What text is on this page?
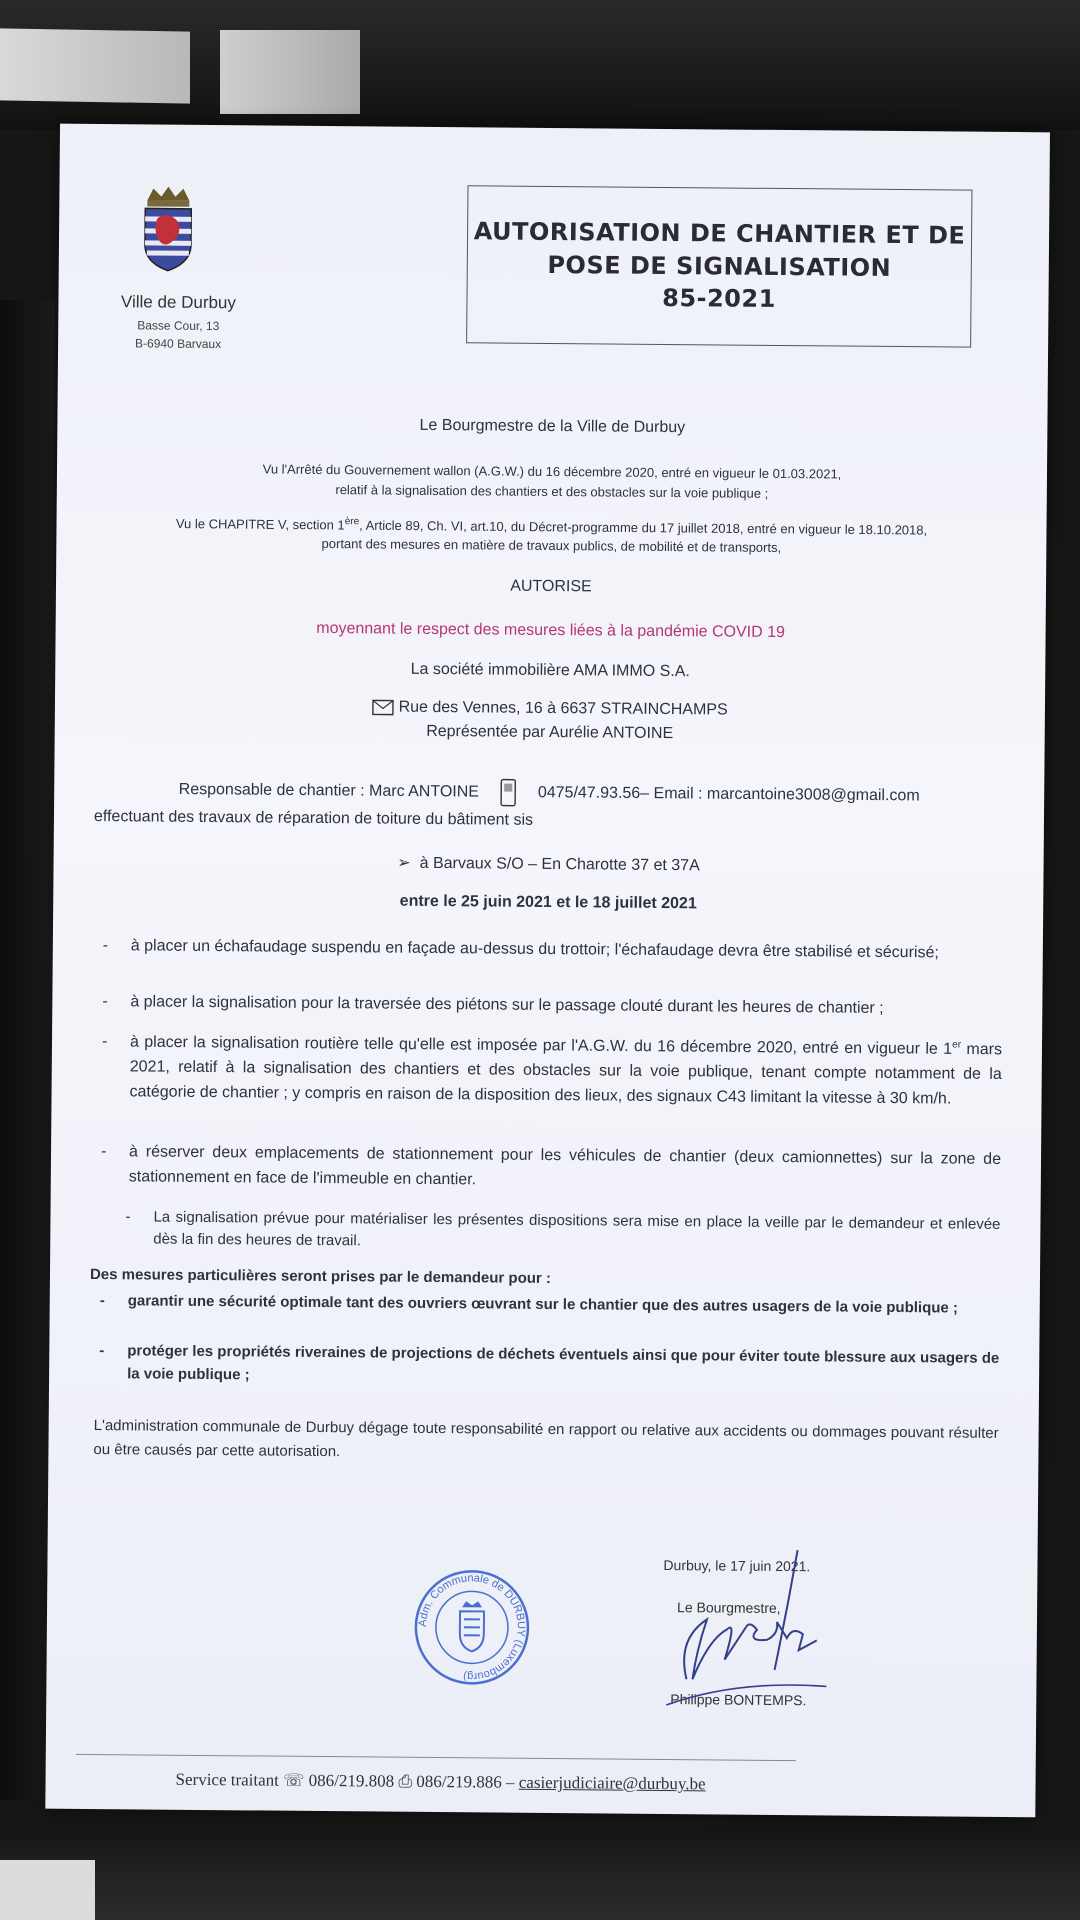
Ville de Durbuy
Basse Cour, 13
B-6940 Barvaux
AUTORISATION DE CHANTIER ET DE
POSE DE SIGNALISATION
85-2021
Le Bourgmestre de la Ville de Durbuy
Vu l'Arrêté du Gouvernement wallon (A.G.W.) du 16 décembre 2020, entré en vigueur le 01.03.2021,
relatif à la signalisation des chantiers et des obstacles sur la voie publique ;
Vu le CHAPITRE V, section 1ère, Article 89, Ch. VI, art.10, du Décret-programme du 17 juillet 2018, entré en vigueur le 18.10.2018,
portant des mesures en matière de travaux publics, de mobilité et de transports,
AUTORISE
moyennant le respect des mesures liées à la pandémie COVID 19
La société immobilière AMA IMMO S.A.
Rue des Vennes, 16 à 6637 STRAINCHAMPS
Représentée par Aurélie ANTOINE
Responsable de chantier : Marc ANTOINE	0475/47.93.56– Email : marcantoine3008@gmail.com
effectuant des travaux de réparation de toiture du bâtiment sis
➢ à Barvaux S/O – En Charotte 37 et 37A
entre le 25 juin 2021 et le 18 juillet 2021
-	à placer un échafaudage suspendu en façade au-dessus du trottoir; l'échafaudage devra être stabilisé et sécurisé;
-	à placer la signalisation pour la traversée des piétons sur le passage clouté durant les heures de chantier ;
-	à placer la signalisation routière telle qu'elle est imposée par l'A.G.W. du 16 décembre 2020, entré en vigueur le 1er mars 2021, relatif à la signalisation des chantiers et des obstacles sur la voie publique, tenant compte notamment de la catégorie de chantier ; y compris en raison de la disposition des lieux, des signaux C43 limitant la vitesse à 30 km/h.
-	à réserver deux emplacements de stationnement pour les véhicules de chantier (deux camionnettes) sur la zone de stationnement en face de l'immeuble en chantier.
-	La signalisation prévue pour matérialiser les présentes dispositions sera mise en place la veille par le demandeur et enlevée dès la fin des heures de travail.
Des mesures particulières seront prises par le demandeur pour :
-	garantir une sécurité optimale tant des ouvriers œuvrant sur le chantier que des autres usagers de la voie publique ;
-	protéger les propriétés riveraines de projections de déchets éventuels ainsi que pour éviter toute blessure aux usagers de la voie publique ;
L'administration communale de Durbuy dégage toute responsabilité en rapport ou relative aux accidents ou dommages pouvant résulter ou être causés par cette autorisation.
Adm. Communale de DURBUY (Luxembourg)
Durbuy, le 17 juin 2021.
Le Bourgmestre,
Philippe BONTEMPS.
Service traitant ☏ 086/219.808 ⎙ 086/219.886 – casierjudiciaire@durbuy.be
